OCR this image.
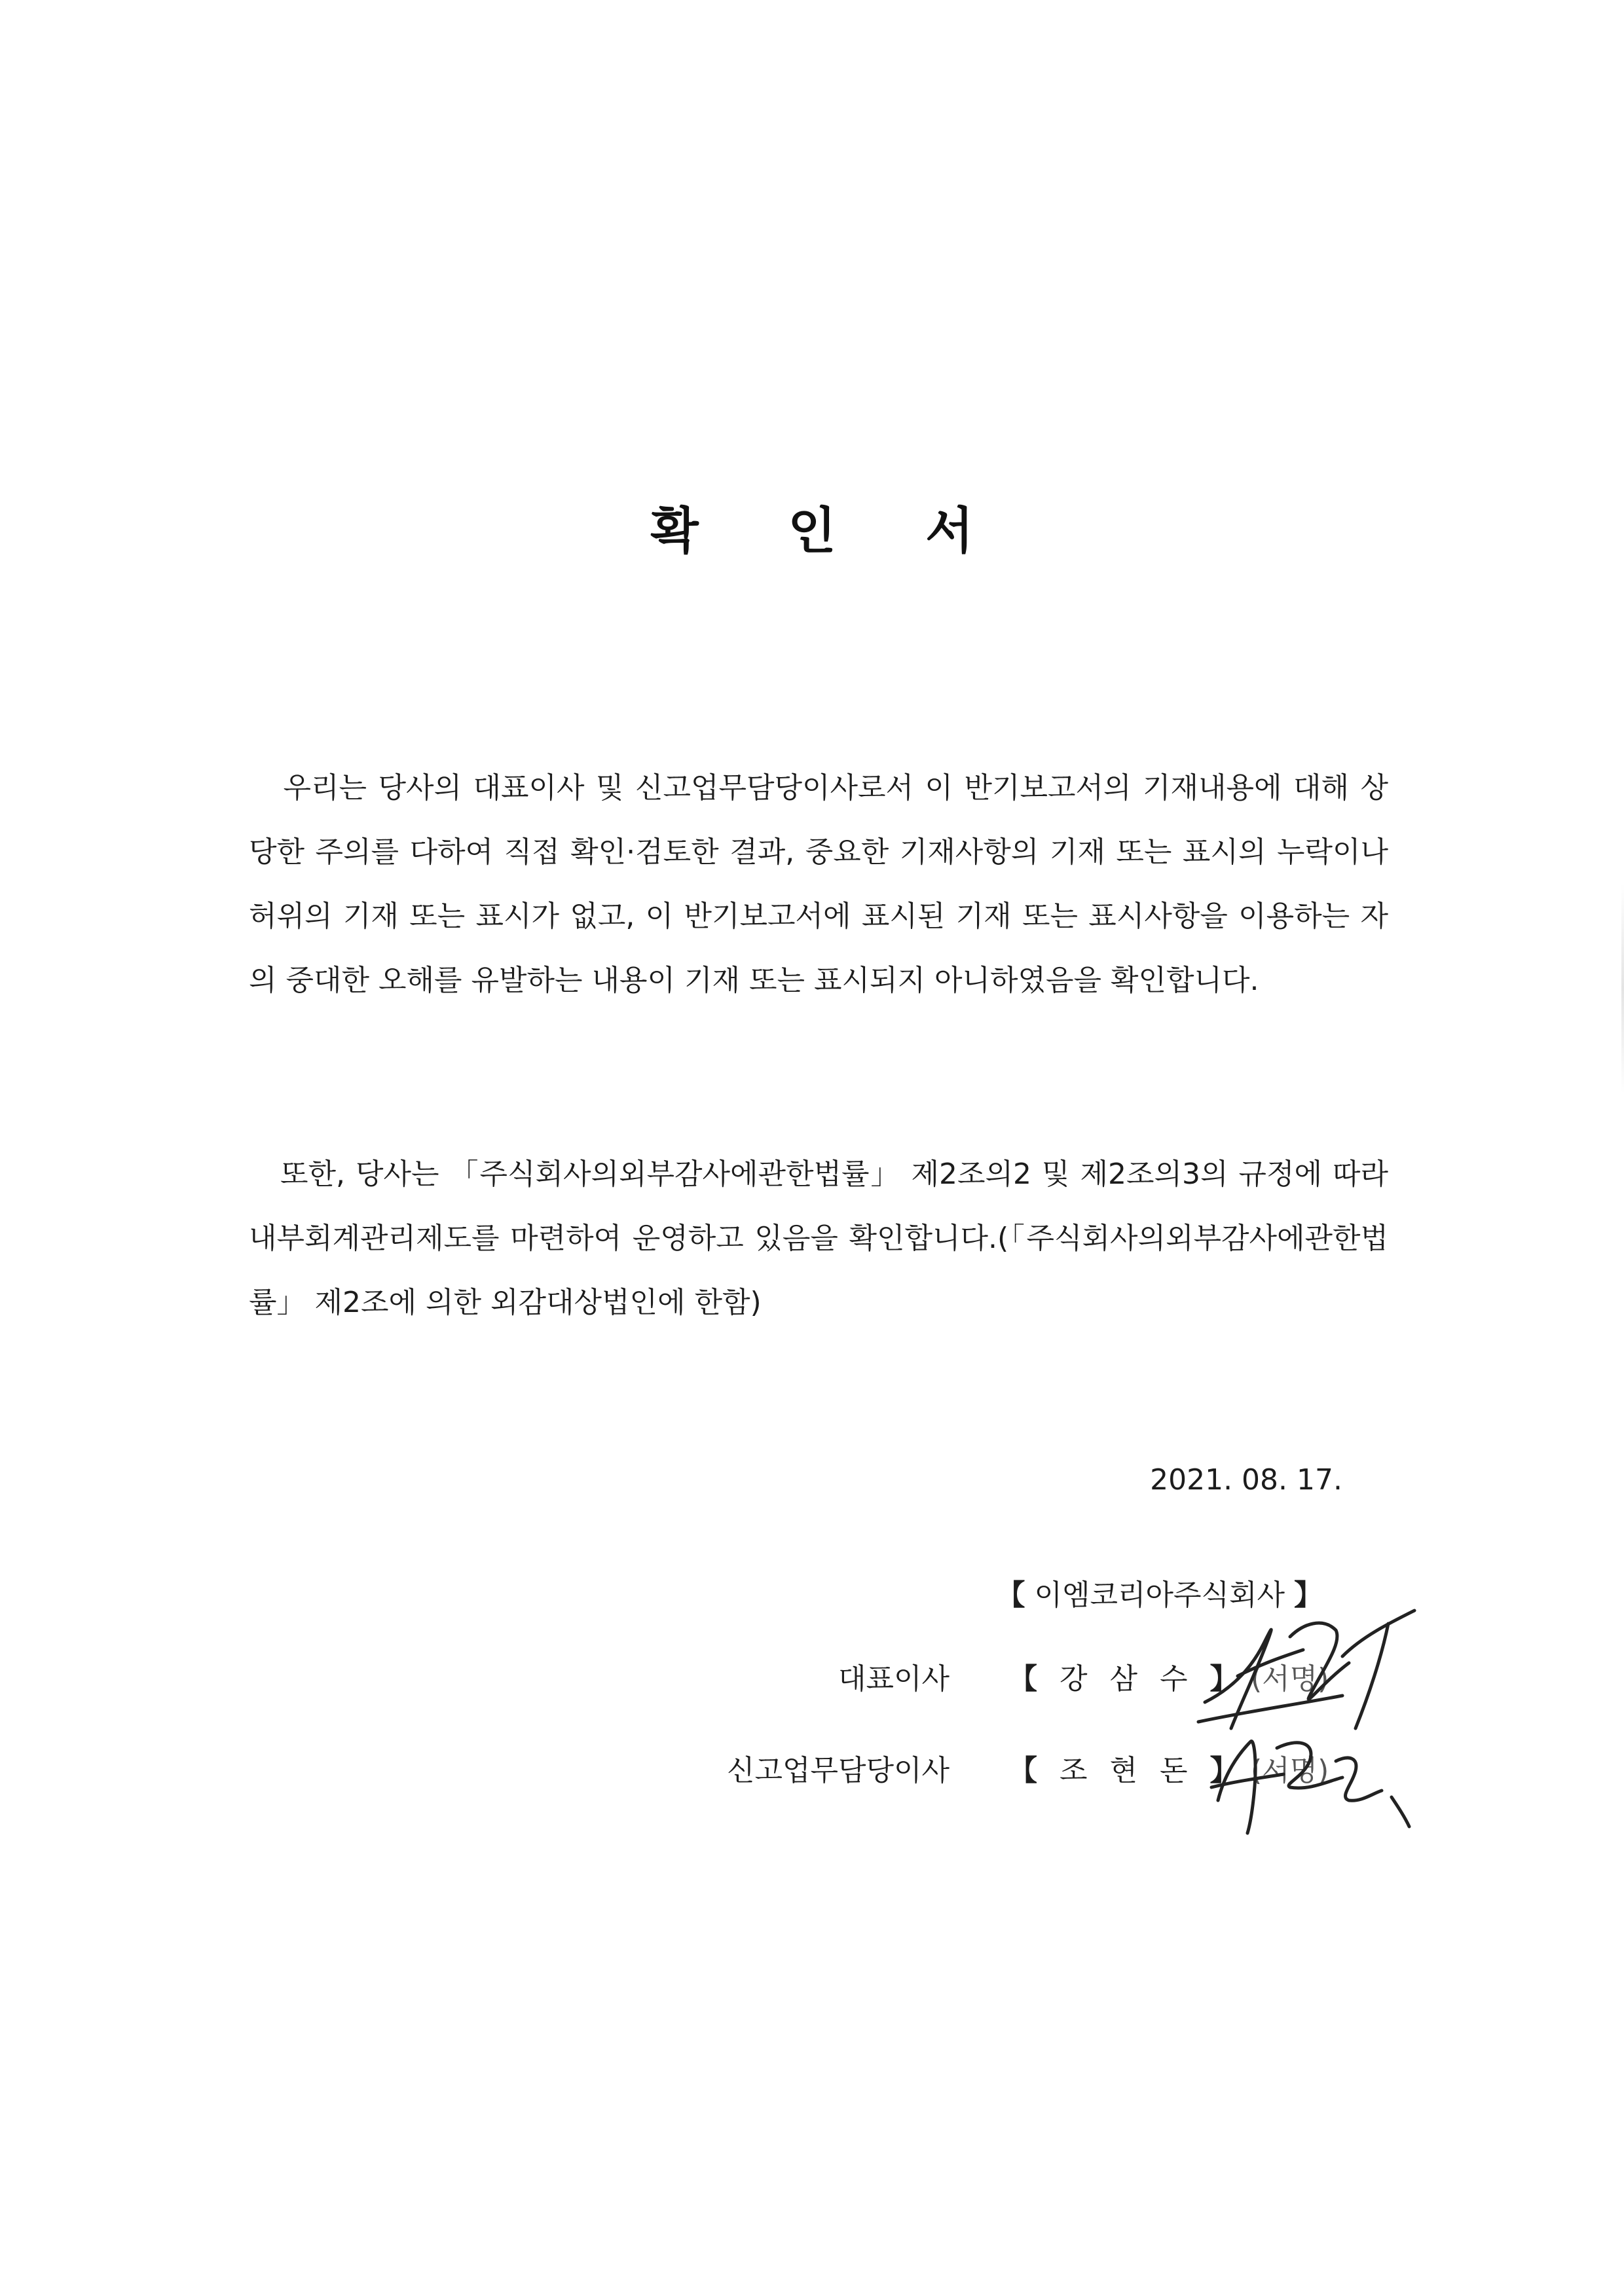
확 인 서

우리는 당사의 대표이사 및 신고업무담당이사로서 이 반기보고서의 기재내용에 대해 상당한 주의를 다하여 직접 확인·검토한 결과, 중요한 기재사항의 기재 또는 표시의 누락이나 허위의 기재 또는 표시가 없고, 이 반기보고서에 표시된 기재 또는 표시사항을 이용하는 자의 중대한 오해를 유발하는 내용이 기재 또는 표시되지 아니하였음을 확인합니다.

또한, 당사는 「주식회사의외부감사에관한법률」 제2조의2 및 제2조의3의 규정에 따라 내부회계관리제도를 마련하여 운영하고 있음을 확인합니다.(「주식회사의외부감사에관한법률」 제2조에 의한 외감대상법인에 한함)

2021. 08. 17.
【 이엠코리아주식회사 】
대표이사 【 강 삼 수 】 (서명)
신고업무담당이사 【 조 현 돈 】 (서명)
